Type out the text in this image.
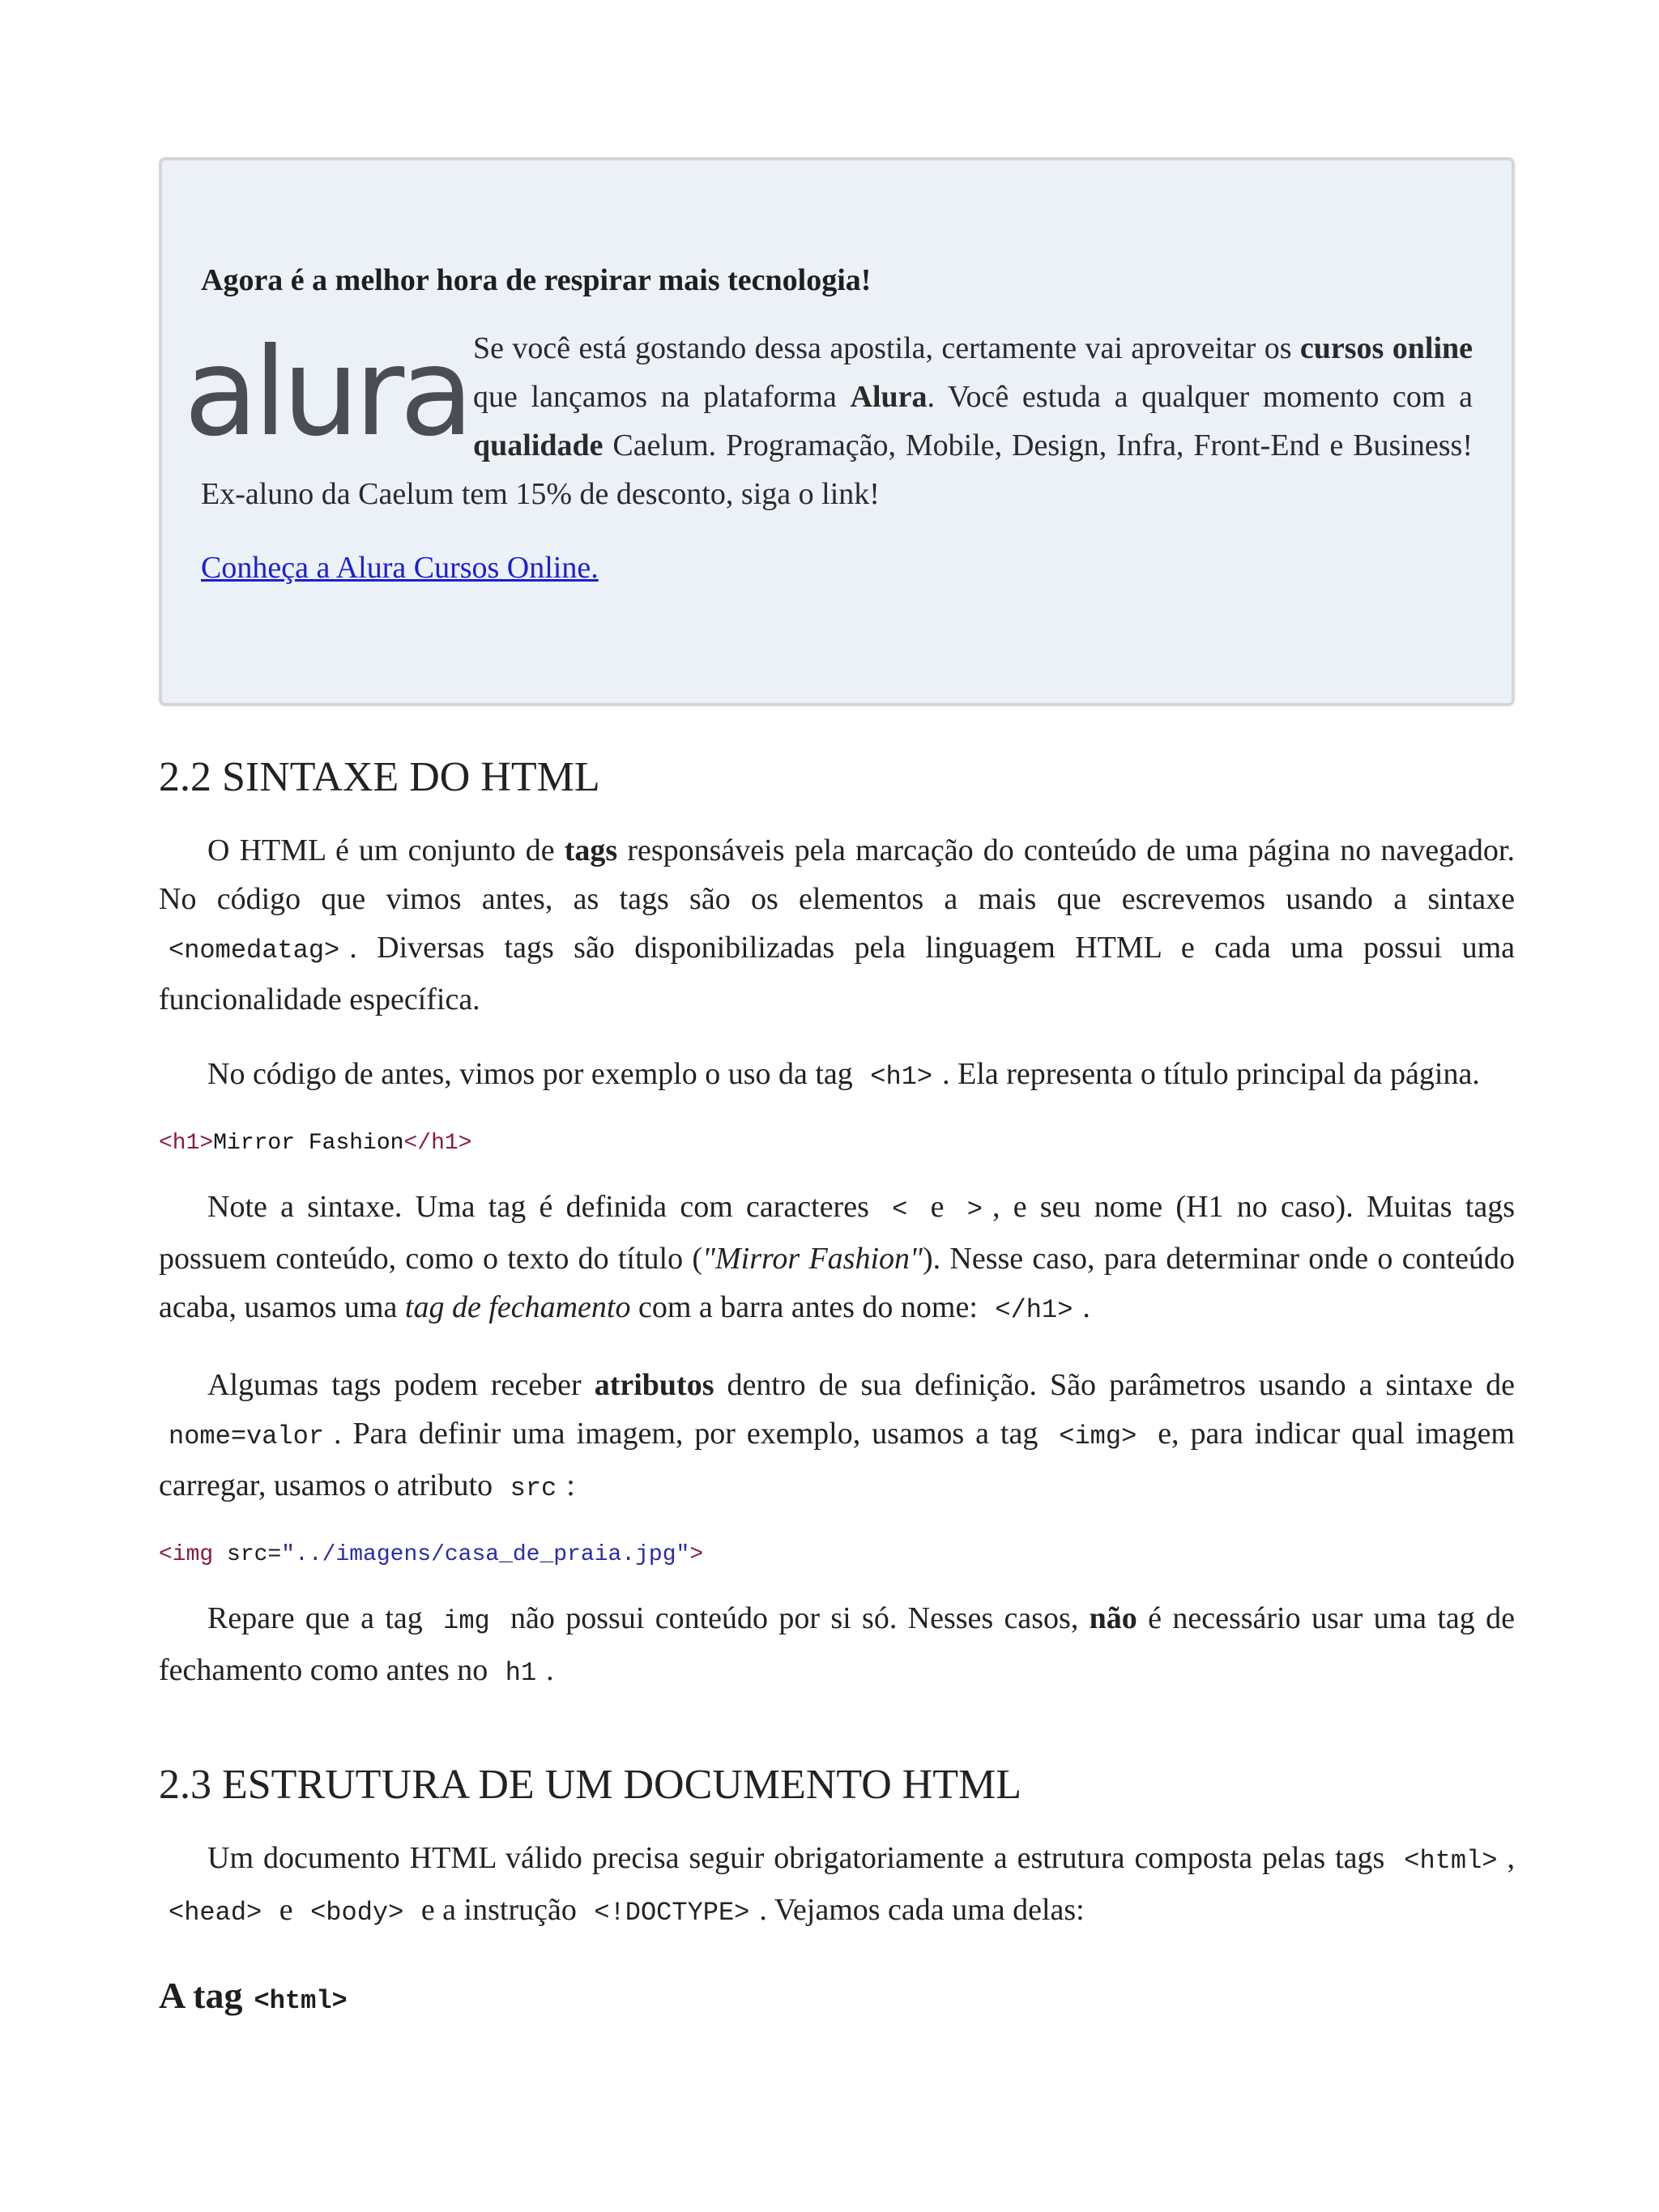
Agora é a melhor hora de respirar mais tecnologia!

alura Se você está gostando dessa apostila, certamente vai aproveitar os cursos online que lançamos na plataforma Alura. Você estuda a qualquer momento com a qualidade Caelum. Programação, Mobile, Design, Infra, Front-End e Business! Ex-aluno da Caelum tem 15% de desconto, siga o link!
Conheça a Alura Cursos Online.
2.2 SINTAXE DO HTML

O HTML é um conjunto de tags responsáveis pela marcação do conteúdo de uma página no navegador. No código que vimos antes, as tags são os elementos a mais que escrevemos usando a sintaxe <nomedatag> . Diversas tags são disponibilizadas pela linguagem HTML e cada uma possui uma funcionalidade específica.

No código de antes, vimos por exemplo o uso da tag <h1> . Ela representa o título principal da página.

<h1>Mirror Fashion</h1>

Note a sintaxe. Uma tag é definida com caracteres < e > , e seu nome (H1 no caso). Muitas tags possuem conteúdo, como o texto do título ("Mirror Fashion"). Nesse caso, para determinar onde o conteúdo acaba, usamos uma tag de fechamento com a barra antes do nome: </h1> .

Algumas tags podem receber atributos dentro de sua definição. São parâmetros usando a sintaxe de nome=valor . Para definir uma imagem, por exemplo, usamos a tag <img> e, para indicar qual imagem carregar, usamos o atributo src :

<img src="../imagens/casa_de_praia.jpg">

Repare que a tag img não possui conteúdo por si só. Nesses casos, não é necessário usar uma tag de fechamento como antes no h1 .

2.3 ESTRUTURA DE UM DOCUMENTO HTML

Um documento HTML válido precisa seguir obrigatoriamente a estrutura composta pelas tags <html> , <head> e <body> e a instrução <!DOCTYPE> . Vejamos cada uma delas:

A tag <html>
